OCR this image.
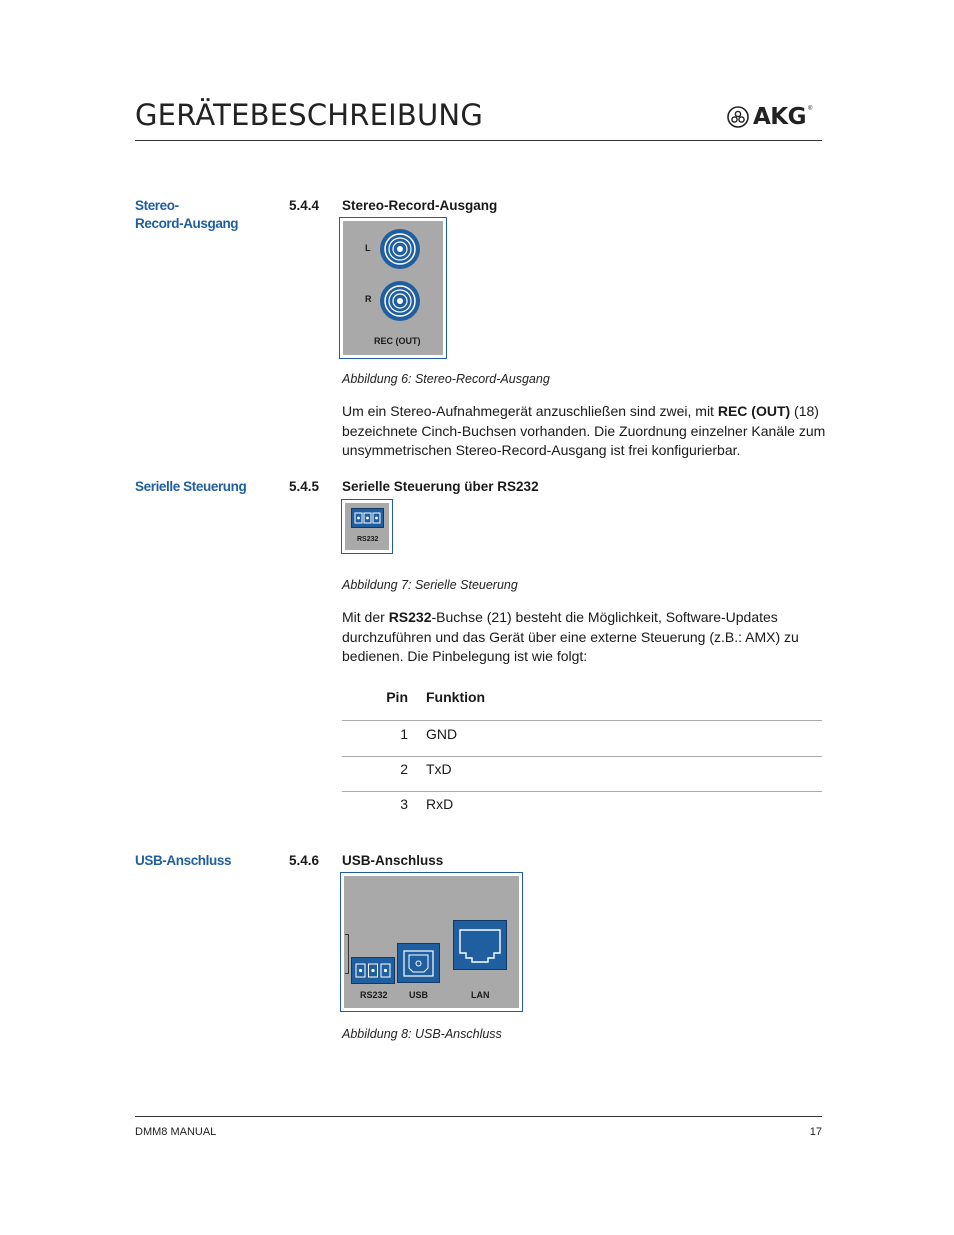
GERÄTEBESCHREIBUNG	AKG ®
Stereo-
Record-Ausgang
5.4.4 Stereo-Record-Ausgang
L
R
REC (OUT)
Abbildung 6: Stereo-Record-Ausgang
Um ein Stereo-Aufnahmegerät anzuschließen sind zwei, mit REC (OUT) (18) bezeichnete Cinch-Buchsen vorhanden. Die Zuordnung einzelner Kanäle zum unsymmetrischen Stereo-Record-Ausgang ist frei konfigurierbar.
Serielle Steuerung	5.4.5 Serielle Steuerung über RS232
RS232
Abbildung 7: Serielle Steuerung
Mit der RS232-Buchse (21) besteht die Möglichkeit, Software-Updates durchzuführen und das Gerät über eine externe Steuerung (z.B.: AMX) zu bedienen. Die Pinbelegung ist wie folgt:
Pin Funktion
1 GND
2 TxD
3 RxD
USB-Anschluss	5.4.6 USB-Anschluss
RS232 USB	LAN
Abbildung 8: USB-Anschluss
DMM8 MANUAL	17
